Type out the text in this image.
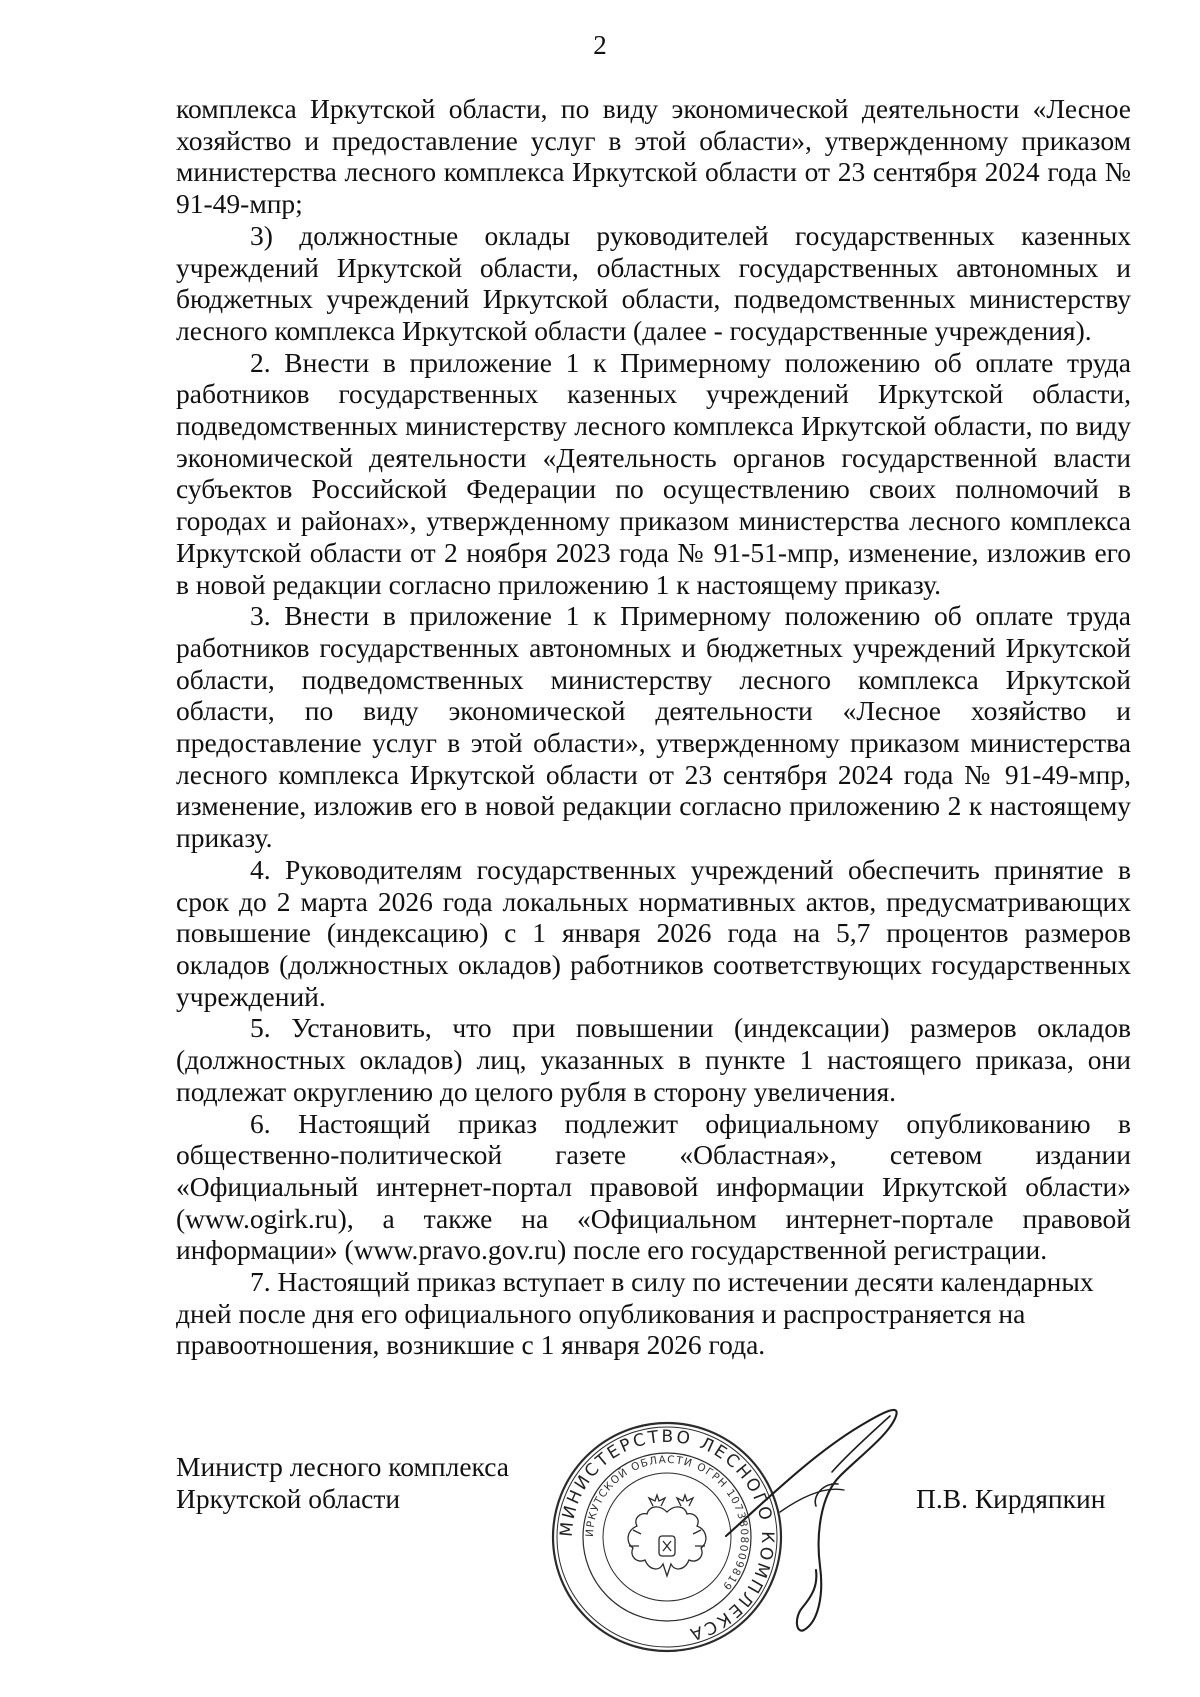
2

комплекса Иркутской области, по виду экономической деятельности «Лесное хозяйство и предоставление услуг в этой области», утвержденному приказом министерства лесного комплекса Иркутской области от 23 сентября 2024 года № 91-49-мпр;

3) должностные оклады руководителей государственных казенных учреждений Иркутской области, областных государственных автономных и бюджетных учреждений Иркутской области, подведомственных министерству лесного комплекса Иркутской области (далее - государственные учреждения).

2. Внести в приложение 1 к Примерному положению об оплате труда работников государственных казенных учреждений Иркутской области, подведомственных министерству лесного комплекса Иркутской области, по виду экономической деятельности «Деятельность органов государственной власти субъектов Российской Федерации по осуществлению своих полномочий в городах и районах», утвержденному приказом министерства лесного комплекса Иркутской области от 2 ноября 2023 года № 91-51-мпр, изменение, изложив его в новой редакции согласно приложению 1 к настоящему приказу.

3. Внести в приложение 1 к Примерному положению об оплате труда работников государственных автономных и бюджетных учреждений Иркутской области, подведомственных министерству лесного комплекса Иркутской области, по виду экономической деятельности «Лесное хозяйство и предоставление услуг в этой области», утвержденному приказом министерства лесного комплекса Иркутской области от 23 сентября 2024 года № 91-49-мпр, изменение, изложив его в новой редакции согласно приложению 2 к настоящему приказу.

4. Руководителям государственных учреждений обеспечить принятие в срок до 2 марта 2026 года локальных нормативных актов, предусматривающих повышение (индексацию) с 1 января 2026 года на 5,7 процентов размеров окладов (должностных окладов) работников соответствующих государственных учреждений.

5. Установить, что при повышении (индексации) размеров окладов (должностных окладов) лиц, указанных в пункте 1 настоящего приказа, они подлежат округлению до целого рубля в сторону увеличения.

6. Настоящий приказ подлежит официальному опубликованию в общественно-политической газете «Областная», сетевом издании «Официальный интернет-портал правовой информации Иркутской области» (www.ogirk.ru), а также на «Официальном интернет-портале правовой информации» (www.pravo.gov.ru) после его государственной регистрации.

7. Настоящий приказ вступает в силу по истечении десяти календарных дней после дня его официального опубликования и распространяется на правоотношения, возникшие с 1 января 2026 года.

Министр лесного комплекса
Иркутской области
МИНИСТЕРСТВО ЛЕСНОГО КОМПЛЕКСА
ИРКУТСКОЙ ОБЛАСТИ ОГРН 1073808009819
П.В. Кирдяпкин
